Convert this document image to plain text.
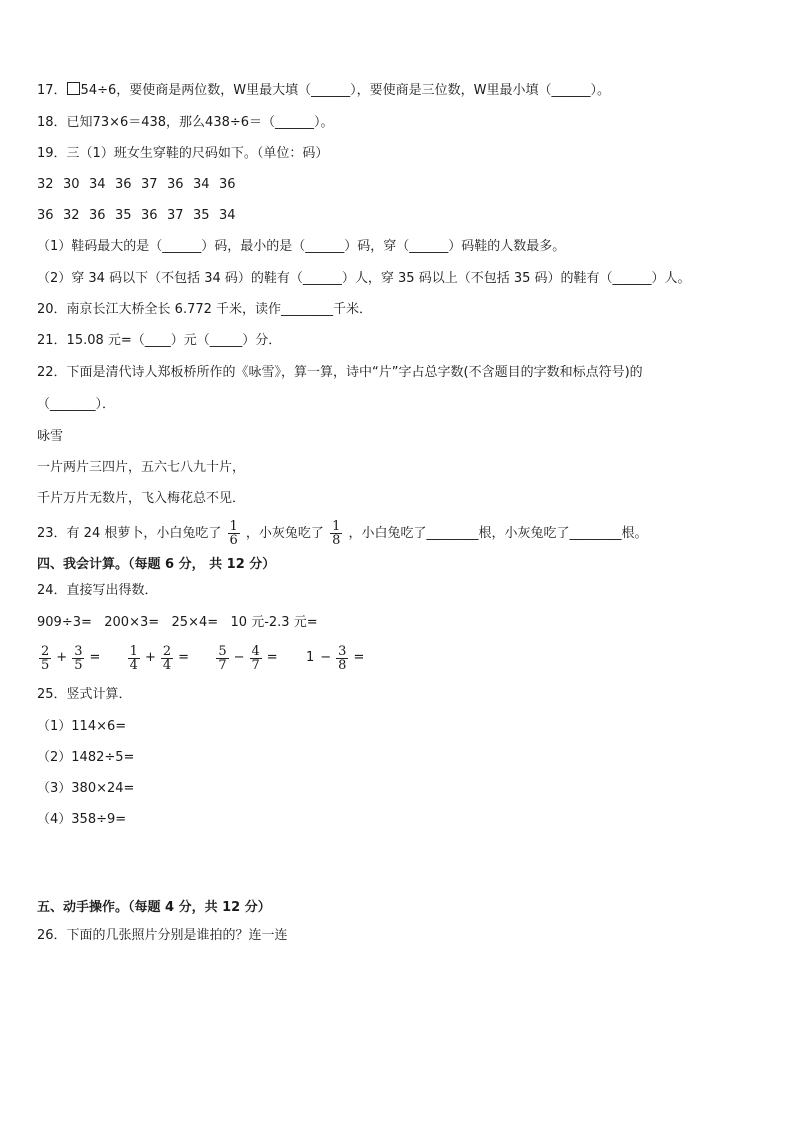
17． 54÷6，要使商是两位数，W里最大填（______），要使商是三位数，W里最小填（______）。
18．已知73×6＝438，那么438÷6＝（______）。
19．三（1）班女生穿鞋的尺码如下。（单位：码）
32 30 34 36 37 36 34 36
36 32 36 35 36 37 35 34
（1）鞋码最大的是（______）码，最小的是（______）码，穿（______）码鞋的人数最多。
（2）穿 34 码以下（不包括 34 码）的鞋有（______）人，穿 35 码以上（不包括 35 码）的鞋有（______）人。
20．南京长江大桥全长 6.772 千米，读作________千米．
21．15.08 元=（____）元（_____）分．
22．下面是清代诗人郑板桥所作的《咏雪》，算一算，诗中“片”字占总字数(不含题目的字数和标点符号)的
（_______）．
咏雪
一片两片三四片，五六七八九十片，
千片万片无数片，飞入梅花总不见．
23．有 24 根萝卜，小白兔吃了 $\frac{1}{6}$ ，小灰兔吃了 $\frac{1}{8}$ ，小白兔吃了________根，小灰兔吃了________根。
四、我会计算。（每题 6 分， 共 12 分）
24．直接写出得数．
909÷3=   200×3=   25×4=   10 元-2.3 元=
$\frac{2}{5} + \frac{3}{5} = \frac{1}{4} + \frac{2}{4} = \frac{5}{7} - \frac{4}{7} = 1 - \frac{3}{8}$ =
25．竖式计算．
（1）114×6=
（2）1482÷5=
（3）380×24=
（4）358÷9=
五、动手操作。（每题 4 分，共 12 分）
26．下面的几张照片分别是谁拍的？连一连
